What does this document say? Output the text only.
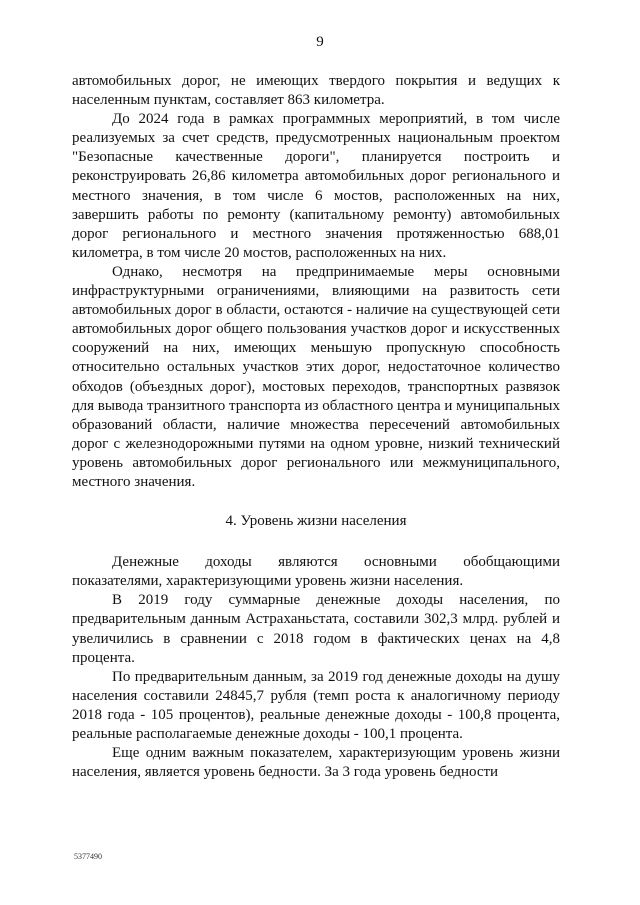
9

автомобильных дорог, не имеющих твердого покрытия и ведущих к населенным пунктам, составляет 863 километра.

До 2024 года в рамках программных мероприятий, в том числе реализуемых за счет средств, предусмотренных национальным проектом "Безопасные качественные дороги", планируется построить и реконструировать 26,86 километра автомобильных дорог регионального и местного значения, в том числе 6 мостов, расположенных на них, завершить работы по ремонту (капитальному ремонту) автомобильных дорог регионального и местного значения протяженностью 688,01 километра, в том числе 20 мостов, расположенных на них.

Однако, несмотря на предпринимаемые меры основными инфраструктурными ограничениями, влияющими на развитость сети автомобильных дорог в области, остаются - наличие на существующей сети автомобильных дорог общего пользования участков дорог и искусственных сооружений на них, имеющих меньшую пропускную способность относительно остальных участков этих дорог, недостаточное количество обходов (объездных дорог), мостовых переходов, транспортных развязок для вывода транзитного транспорта из областного центра и муниципальных образований области, наличие множества пересечений автомобильных дорог с железнодорожными путями на одном уровне, низкий технический уровень автомобильных дорог регионального или межмуниципального, местного значения.

4. Уровень жизни населения

Денежные доходы являются основными обобщающими показателями, характеризующими уровень жизни населения.

В 2019 году суммарные денежные доходы населения, по предварительным данным Астраханьстата, составили 302,3 млрд. рублей и увеличились в сравнении с 2018 годом в фактических ценах на 4,8 процента.

По предварительным данным, за 2019 год денежные доходы на душу населения составили 24845,7 рубля (темп роста к аналогичному периоду 2018 года - 105 процентов), реальные денежные доходы - 100,8 процента, реальные располагаемые денежные доходы - 100,1 процента.

Еще одним важным показателем, характеризующим уровень жизни населения, является уровень бедности. За 3 года уровень бедности

5377490
